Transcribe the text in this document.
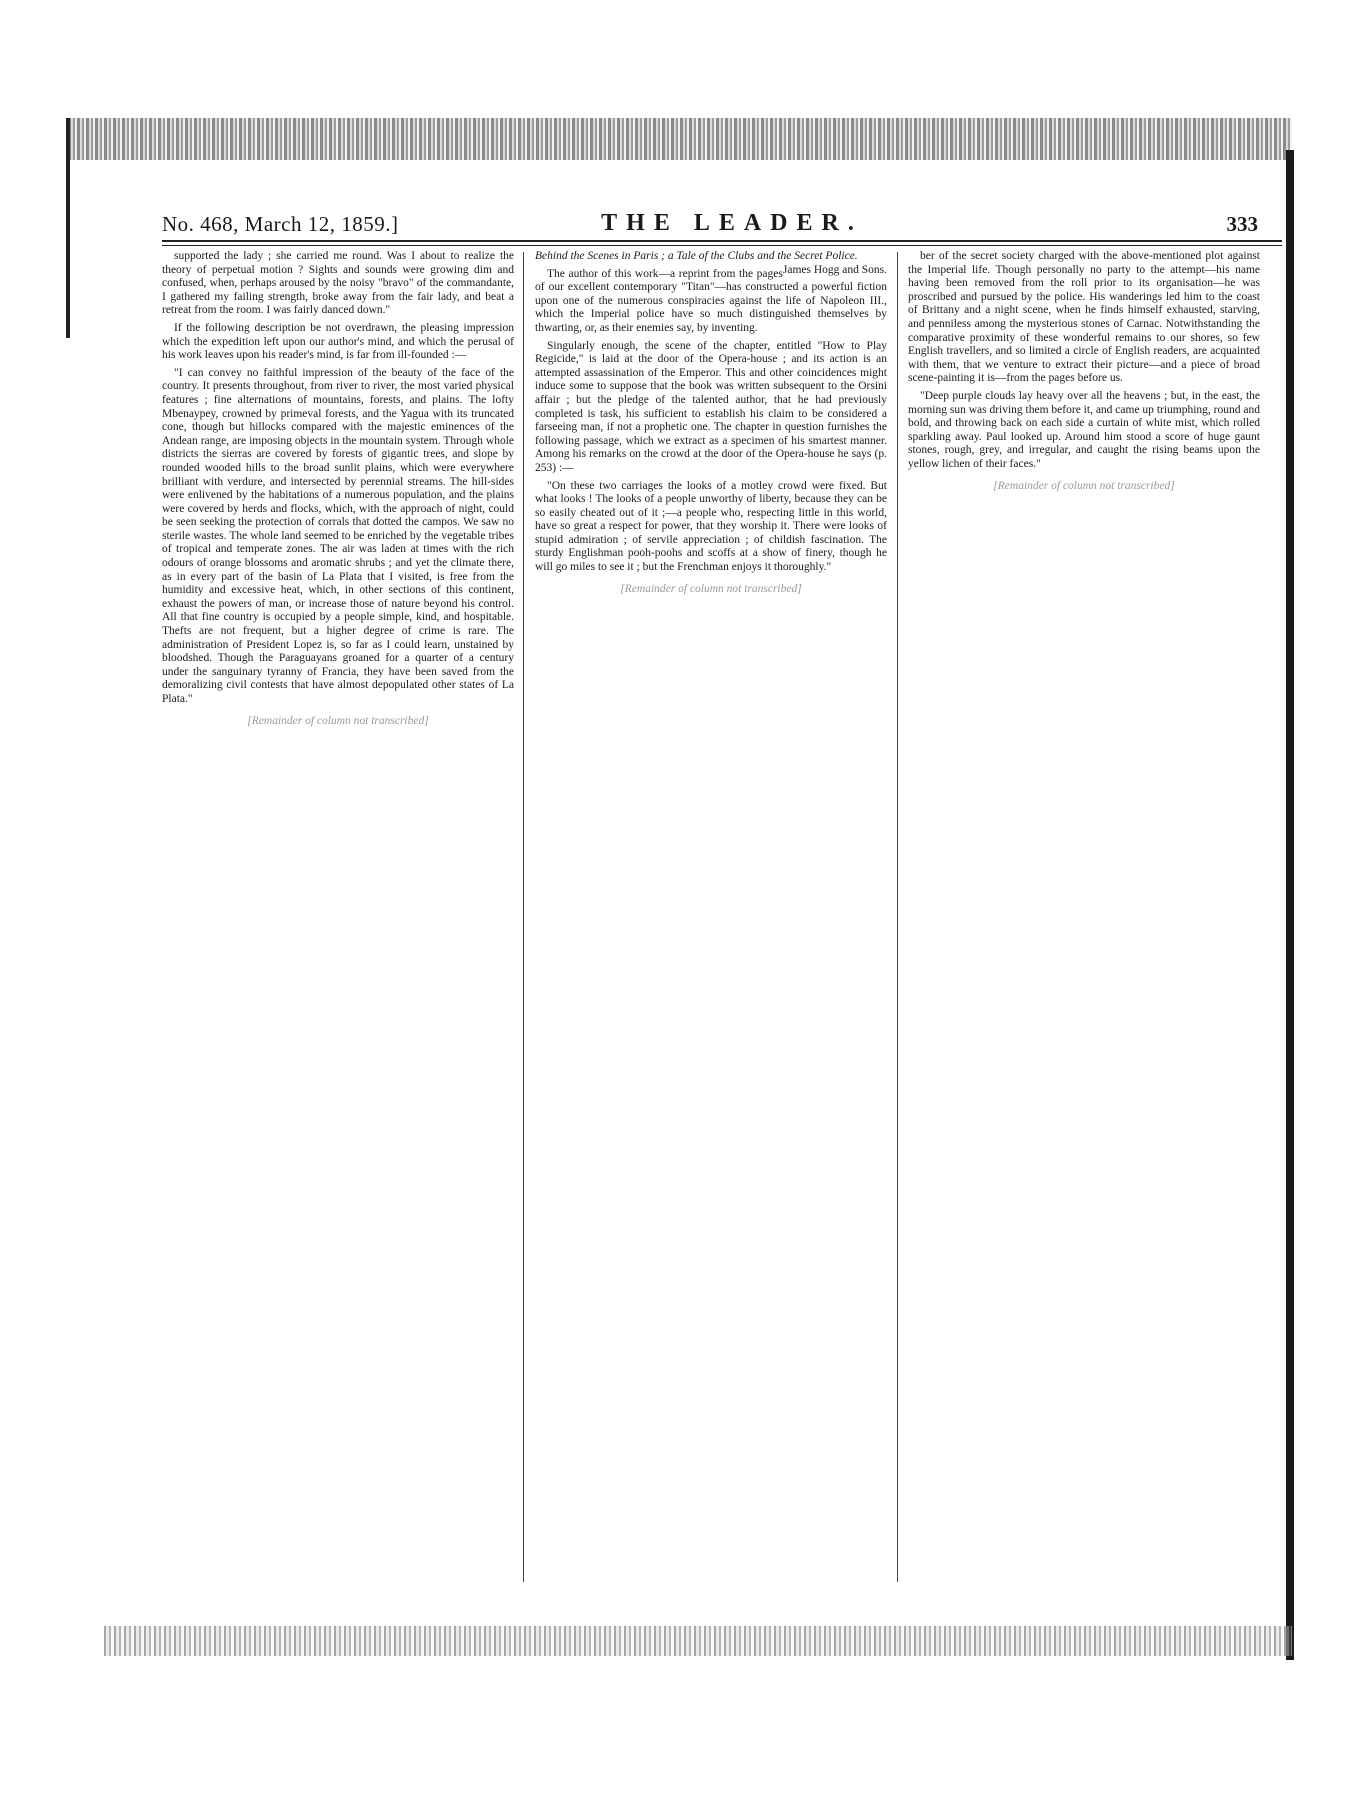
No. 468, March 12, 1859.]	THE LEADER.	333

supported the lady ; she carried me round. Was I about to realize the theory of perpetual motion ? Sights and sounds were growing dim and confused, when, perhaps aroused by the noisy "bravo" of the commandante, I gathered my failing strength, broke away from the fair lady, and beat a retreat from the room. I was fairly danced down."

If the following description be not overdrawn, the pleasing impression which the expedition left upon our author's mind, and which the perusal of his work leaves upon his reader's mind, is far from ill-founded :—

"I can convey no faithful impression of the beauty of the face of the country. It presents throughout, from river to river, the most varied physical features ; fine alternations of mountains, forests, and plains. The lofty Mbenaypey, crowned by primeval forests, and the Yagua with its truncated cone, though but hillocks compared with the majestic eminences of the Andean range, are imposing objects in the mountain system. Through whole districts the sierras are covered by forests of gigantic trees, and slope by rounded wooded hills to the broad sunlit plains, which were everywhere brilliant with verdure, and intersected by perennial streams. The hill-sides were enlivened by the habitations of a numerous population, and the plains were covered by herds and flocks, which, with the approach of night, could be seen seeking the protection of corrals that dotted the campos. We saw no sterile wastes. The whole land seemed to be enriched by the vegetable tribes of tropical and temperate zones. The air was laden at times with the rich odours of orange blossoms and aromatic shrubs ; and yet the climate there, as in every part of the basin of La Plata that I visited, is free from the humidity and excessive heat, which, in other sections of this continent, exhaust the powers of man, or increase those of nature beyond his control. All that fine country is occupied by a people simple, kind, and hospitable. Thefts are not frequent, but a higher degree of crime is rare. The administration of President Lopez is, so far as I could learn, unstained by bloodshed. Though the Paraguayans groaned for a quarter of a century under the sanguinary tyranny of Francia, they have been saved from the demoralizing civil contests that have almost depopulated other states of La Plata."

[Remainder of column not transcribed]

Behind the Scenes in Paris ; a Tale of the Clubs and the Secret Police.
James Hogg and Sons.

The author of this work—a reprint from the pages of our excellent contemporary "Titan"—has constructed a powerful fiction upon one of the numerous conspiracies against the life of Napoleon III., which the Imperial police have so much distinguished themselves by thwarting, or, as their enemies say, by inventing.

Singularly enough, the scene of the chapter, entitled "How to Play Regicide," is laid at the door of the Opera-house ; and its action is an attempted assassination of the Emperor. This and other coincidences might induce some to suppose that the book was written subsequent to the Orsini affair ; but the pledge of the talented author, that he had previously completed is task, his sufficient to establish his claim to be considered a farseeing man, if not a prophetic one. The chapter in question furnishes the following passage, which we extract as a specimen of his smartest manner. Among his remarks on the crowd at the door of the Opera-house he says (p. 253) :—

"On these two carriages the looks of a motley crowd were fixed. But what looks ! The looks of a people unworthy of liberty, because they can be so easily cheated out of it ;—a people who, respecting little in this world, have so great a respect for power, that they worship it. There were looks of stupid admiration ; of servile appreciation ; of childish fascination. The sturdy Englishman pooh-poohs and scoffs at a show of finery, though he will go miles to see it ; but the Frenchman enjoys it thoroughly."

[Remainder of column not transcribed]

ber of the secret society charged with the above-mentioned plot against the Imperial life. Though personally no party to the attempt—his name having been removed from the roll prior to its organisation—he was proscribed and pursued by the police. His wanderings led him to the coast of Brittany and a night scene, when he finds himself exhausted, starving, and penniless among the mysterious stones of Carnac. Notwithstanding the comparative proximity of these wonderful remains to our shores, so few English travellers, and so limited a circle of English readers, are acquainted with them, that we venture to extract their picture—and a piece of broad scene-painting it is—from the pages before us.

"Deep purple clouds lay heavy over all the heavens ; but, in the east, the morning sun was driving them before it, and came up triumphing, round and bold, and throwing back on each side a curtain of white mist, which rolled sparkling away. Paul looked up. Around him stood a score of huge gaunt stones, rough, grey, and irregular, and caught the rising beams upon the yellow lichen of their faces."

[Remainder of column not transcribed]
